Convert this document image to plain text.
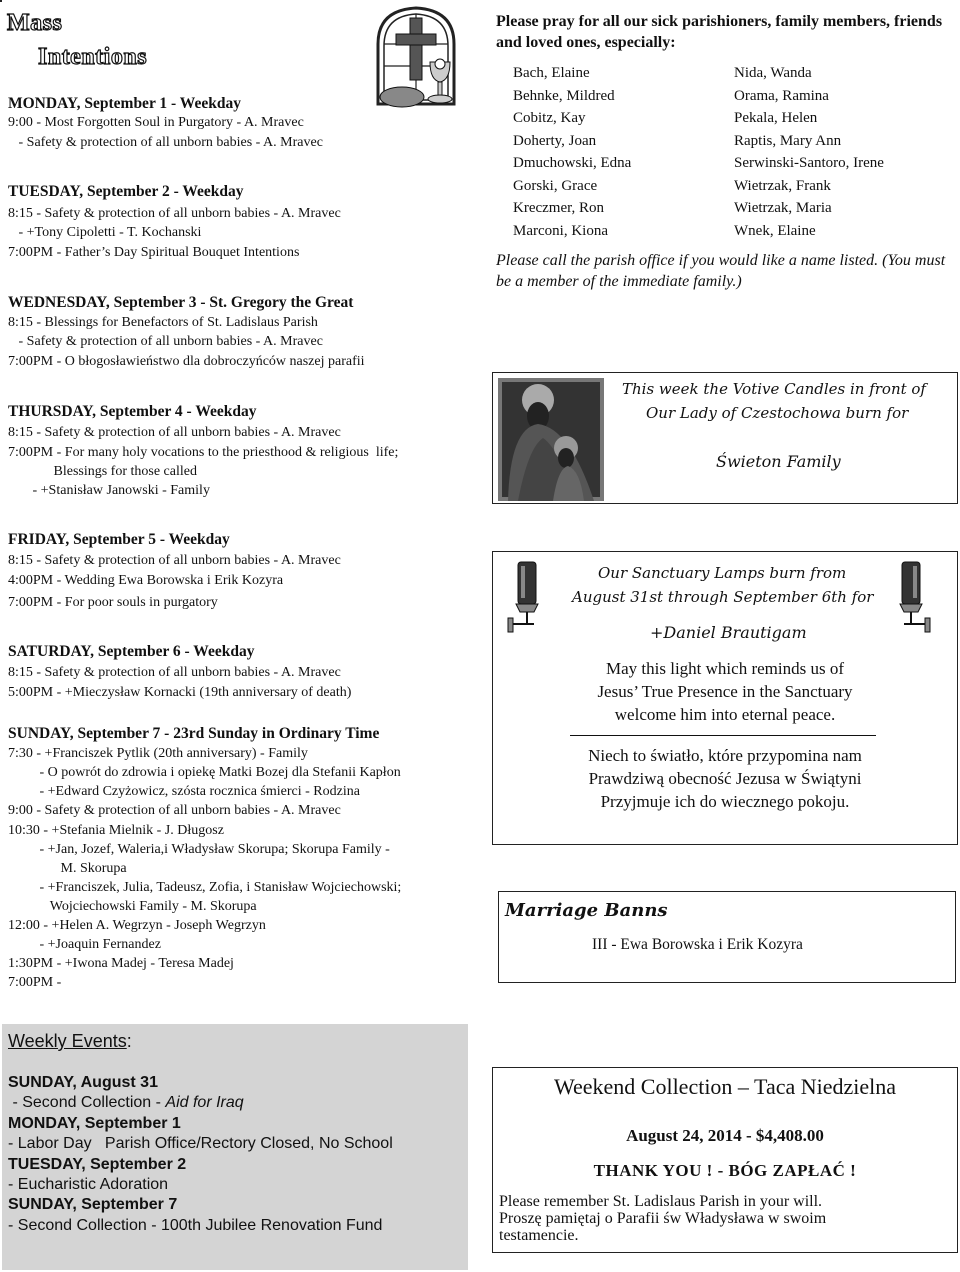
Mass
Intentions
MONDAY, September 1 - Weekday
9:00 - Most Forgotten Soul in Purgatory - A. Mravec
- Safety & protection of all unborn babies - A. Mravec
TUESDAY, September 2 - Weekday
8:15 - Safety & protection of all unborn babies - A. Mravec
- +Tony Cipoletti - T. Kochanski
7:00PM - Father’s Day Spiritual Bouquet Intentions
WEDNESDAY, September 3 - St. Gregory the Great
8:15 - Blessings for Benefactors of St. Ladislaus Parish
- Safety & protection of all unborn babies - A. Mravec
7:00PM - O błogosławieństwo dla dobroczyńców naszej parafii
THURSDAY, September 4 - Weekday
8:15 - Safety & protection of all unborn babies - A. Mravec
7:00PM - For many holy vocations to the priesthood & religious  life;
Blessings for those called
- +Stanisław Janowski - Family
FRIDAY, September 5 - Weekday
8:15 - Safety & protection of all unborn babies - A. Mravec
4:00PM - Wedding Ewa Borowska i Erik Kozyra
7:00PM - For poor souls in purgatory
SATURDAY, September 6 - Weekday
8:15 - Safety & protection of all unborn babies - A. Mravec
5:00PM - +Mieczysław Kornacki (19th anniversary of death)
SUNDAY, September 7 - 23rd Sunday in Ordinary Time
7:30 - +Franciszek Pytlik (20th anniversary) - Family
- O powrót do zdrowia i opiekę Matki Bozej dla Stefanii Kapłon
- +Edward Czyżowicz, szósta rocznica śmierci - Rodzina
9:00 - Safety & protection of all unborn babies - A. Mravec
10:30 - +Stefania Mielnik - J. Długosz
- +Jan, Jozef, Waleria,i Władysław Skorupa; Skorupa Family -
M. Skorupa
- +Franciszek, Julia, Tadeusz, Zofia, i Stanisław Wojciechowski;
Wojciechowski Family - M. Skorupa
12:00 - +Helen A. Wegrzyn - Joseph Wegrzyn
- +Joaquin Fernandez
1:30PM - +Iwona Madej - Teresa Madej
7:00PM -
Please pray for all our sick parishioners, family members, friends and loved ones, especially:
Bach, Elaine
Behnke, Mildred
Cobitz, Kay
Doherty, Joan
Dmuchowski, Edna
Gorski, Grace
Kreczmer, Ron
Marconi, Kiona
Nida, Wanda
Orama, Ramina
Pekala, Helen
Raptis, Mary Ann
Serwinski-Santoro, Irene
Wietrzak, Frank
Wietrzak, Maria
Wnek, Elaine
Please call the parish office if you would like a name listed. (You must be a member of the immediate family.)
This week the Votive Candles in front of
Our Lady of Czestochowa burn for
Świeton Family
Our Sanctuary Lamps burn from
August 31st through September 6th for
+Daniel Brautigam
May this light which reminds us of
Jesus’ True Presence in the Sanctuary
welcome him into eternal peace.
Niech to światło, które przypomina nam
Prawdziwą obecność Jezusa w Świątyni
Przyjmuje ich do wiecznego pokoju.
Marriage Banns
III - Ewa Borowska i Erik Kozyra
Weekly Events:
SUNDAY, August 31
- Second Collection - Aid for Iraq
MONDAY, September 1
- Labor Day   Parish Office/Rectory Closed, No School
TUESDAY, September 2
- Eucharistic Adoration
SUNDAY, September 7
- Second Collection - 100th Jubilee Renovation Fund
Weekend Collection – Taca Niedzielna
August 24, 2014 - $4,408.00
THANK YOU ! - BÓG ZAPŁAĆ !
Please remember St. Ladislaus Parish in your will.
Proszę pamiętaj o Parafii św Władysława w swoim
testamencie.
